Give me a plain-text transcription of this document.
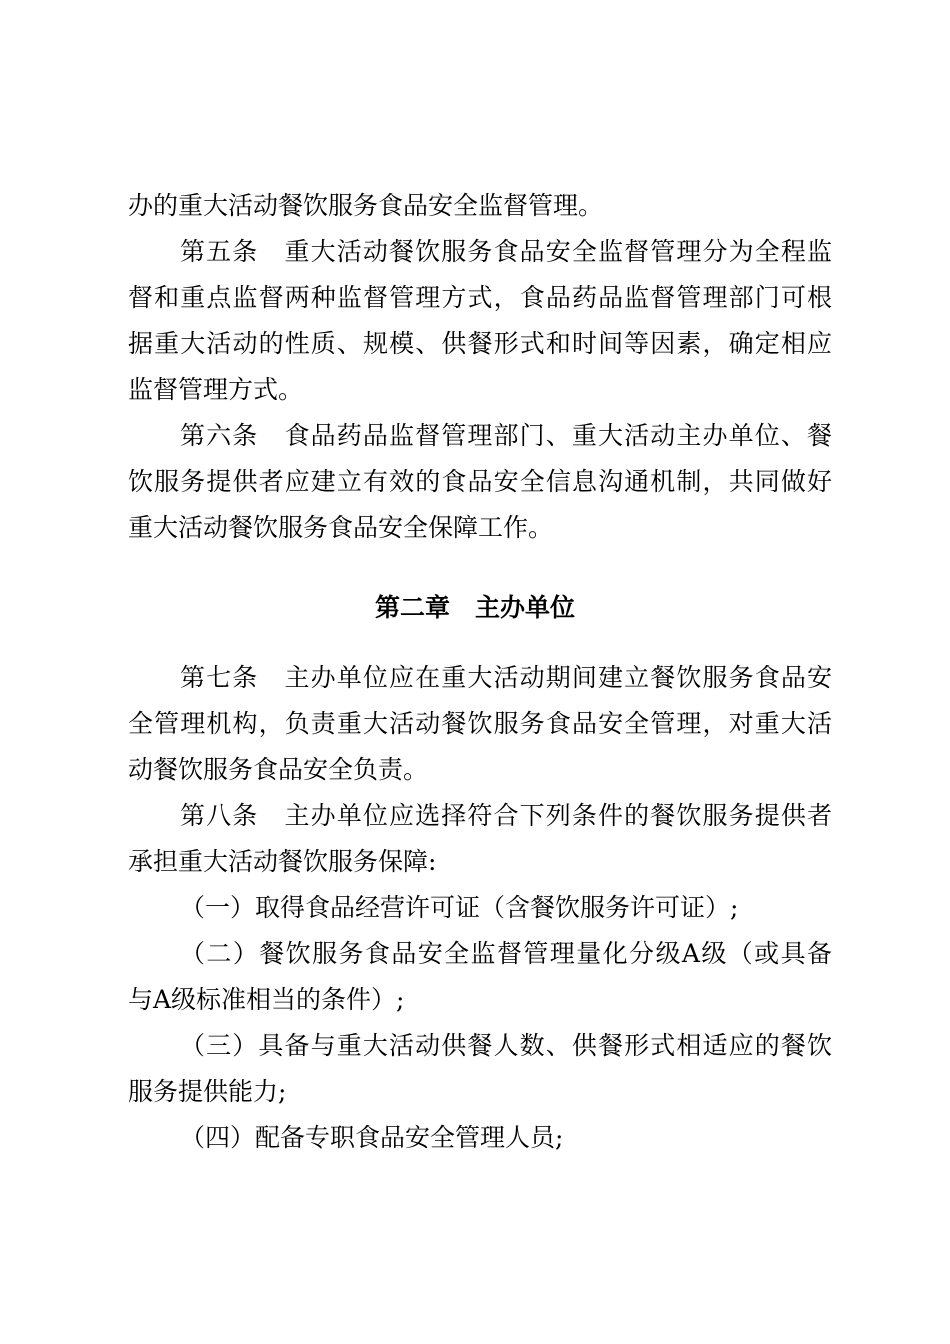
办的重大活动餐饮服务食品安全监督管理。
第五条 重大活动餐饮服务食品安全监督管理分为全程监
督和重点监督两种监督管理方式，食品药品监督管理部门可根
据重大活动的性质、规模、供餐形式和时间等因素，确定相应
监督管理方式。
第六条 食品药品监督管理部门、重大活动主办单位、餐
饮服务提供者应建立有效的食品安全信息沟通机制，共同做好
重大活动餐饮服务食品安全保障工作。
第二章　主办单位
第七条 主办单位应在重大活动期间建立餐饮服务食品安
全管理机构，负责重大活动餐饮服务食品安全管理，对重大活
动餐饮服务食品安全负责。
第八条 主办单位应选择符合下列条件的餐饮服务提供者
承担重大活动餐饮服务保障:
（一）取得食品经营许可证（含餐饮服务许可证）;
（二）餐饮服务食品安全监督管理量化分级A级（或具备
与A级标准相当的条件）;
（三）具备与重大活动供餐人数、供餐形式相适应的餐饮
服务提供能力;
（四）配备专职食品安全管理人员;
